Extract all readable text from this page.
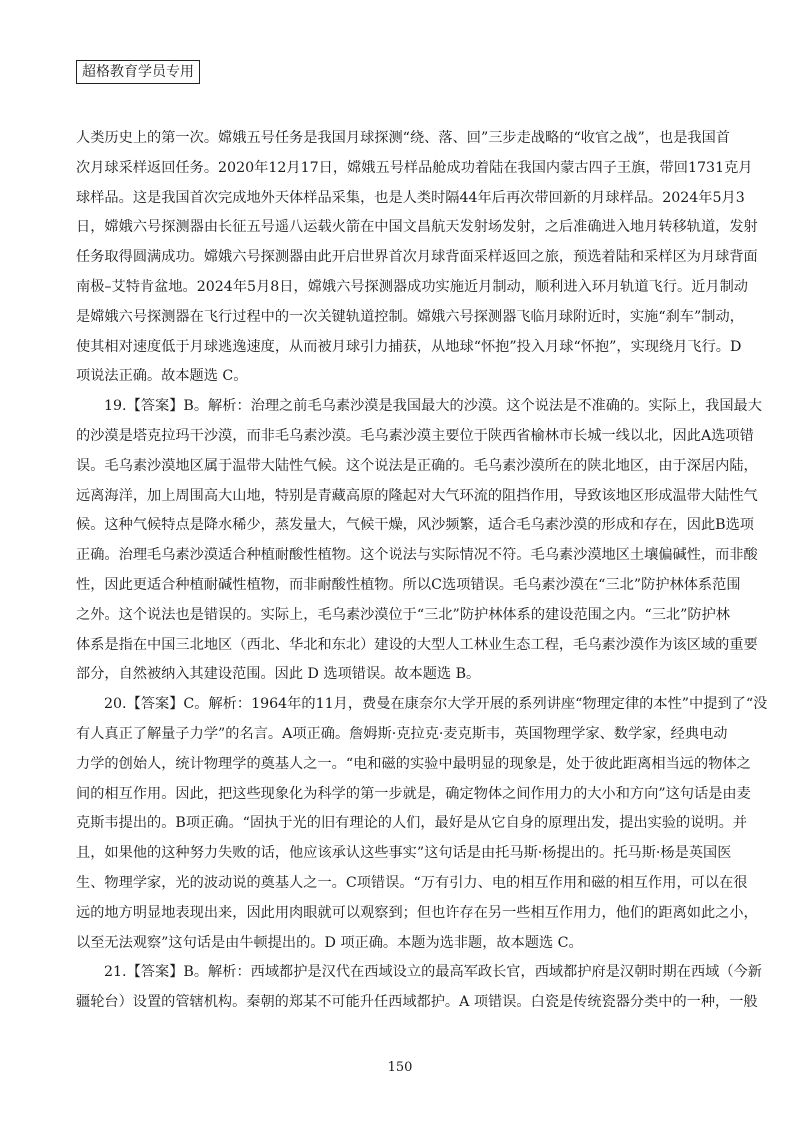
超格教育学员专用
人 类 历 史 上 的 第 一 次 。 嫦 娥 五 号 任 务 是 我 国 月 球 探 测 “ 绕 、 落 、 回 ” 三 步 走 战 略 的 “ 收 官 之 战 ” ， 也 是 我 国 首
次 月 球 采 样 返 回 任 务 。 2020 年 12 月 17 日 ， 嫦 娥 五 号 样 品 舱 成 功 着 陆 在 我 国 内 蒙 古 四 子 王 旗 ， 带 回 1731 克 月
球 样 品 。 这 是 我 国 首 次 完 成 地 外 天 体 样 品 采 集 ， 也 是 人 类 时 隔 44 年 后 再 次 带 回 新 的 月 球 样 品 。 2024 年 5 月 3
日 ， 嫦 娥 六 号 探 测 器 由 长 征 五 号 遥 八 运 载 火 箭 在 中 国 文 昌 航 天 发 射 场 发 射 ， 之 后 准 确 进 入 地 月 转 移 轨 道 ， 发 射
任 务 取 得 圆 满 成 功 。 嫦 娥 六 号 探 测 器 由 此 开 启 世 界 首 次 月 球 背 面 采 样 返 回 之 旅 ， 预 选 着 陆 和 采 样 区 为 月 球 背 面
南 极 – 艾 特 肯 盆 地 。 2024 年 5 月 8 日 ， 嫦 娥 六 号 探 测 器 成 功 实 施 近 月 制 动 ， 顺 利 进 入 环 月 轨 道 飞 行 。 近 月 制 动
是 嫦 娥 六 号 探 测 器 在 飞 行 过 程 中 的 一 次 关 键 轨 道 控 制 。 嫦 娥 六 号 探 测 器 飞 临 月 球 附 近 时 ， 实 施 “ 刹 车 ” 制 动 ，
使 其 相 对 速 度 低 于 月 球 逃 逸 速 度 ， 从 而 被 月 球 引 力 捕 获 ， 从 地 球 “ 怀 抱 ” 投 入 月 球 “ 怀 抱 ” ， 实 现 绕 月 飞 行 。 D
项说法正确。故本题选 C。
19. 【 答 案 】 B 。 解 析 ： 治 理 之 前 毛 乌 素 沙 漠 是 我 国 最 大 的 沙 漠 。 这 个 说 法 是 不 准 确 的 。 实 际 上 ， 我 国 最 大
的 沙 漠 是 塔 克 拉 玛 干 沙 漠 ， 而 非 毛 乌 素 沙 漠 。 毛 乌 素 沙 漠 主 要 位 于 陕 西 省 榆 林 市 长 城 一 线 以 北 ， 因 此 A 选 项 错
误 。 毛 乌 素 沙 漠 地 区 属 于 温 带 大 陆 性 气 候 。 这 个 说 法 是 正 确 的 。 毛 乌 素 沙 漠 所 在 的 陕 北 地 区 ， 由 于 深 居 内 陆 ，
远 离 海 洋 ， 加 上 周 围 高 大 山 地 ， 特 别 是 青 藏 高 原 的 隆 起 对 大 气 环 流 的 阻 挡 作 用 ， 导 致 该 地 区 形 成 温 带 大 陆 性 气
候 。 这 种 气 候 特 点 是 降 水 稀 少 ， 蒸 发 量 大 ， 气 候 干 燥 ， 风 沙 频 繁 ， 适 合 毛 乌 素 沙 漠 的 形 成 和 存 在 ， 因 此 B 选 项
正 确 。 治 理 毛 乌 素 沙 漠 适 合 种 植 耐 酸 性 植 物 。 这 个 说 法 与 实 际 情 况 不 符 。 毛 乌 素 沙 漠 地 区 土 壤 偏 碱 性 ， 而 非 酸
性 ， 因 此 更 适 合 种 植 耐 碱 性 植 物 ， 而 非 耐 酸 性 植 物 。 所 以 C 选 项 错 误 。 毛 乌 素 沙 漠 在 “ 三 北 ” 防 护 林 体 系 范 围
之 外 。 这 个 说 法 也 是 错 误 的 。 实 际 上 ， 毛 乌 素 沙 漠 位 于 “ 三 北 ” 防 护 林 体 系 的 建 设 范 围 之 内 。 “ 三 北 ” 防 护 林
体 系 是 指 在 中 国 三 北 地 区 （ 西 北 、 华 北 和 东 北 ） 建 设 的 大 型 人 工 林 业 生 态 工 程 ， 毛 乌 素 沙 漠 作 为 该 区 域 的 重 要
部分，自然被纳入其建设范围。因此 D 选项错误。故本题选 B。
20. 【 答 案 】 C 。 解 析 ： 1964 年 的 11 月 ， 费 曼 在 康 奈 尔 大 学 开 展 的 系 列 讲 座 “ 物 理 定 律 的 本 性 ” 中 提 到 了 “ 没
有 人 真 正 了 解 量 子 力 学 ” 的 名 言 。 A 项 正 确 。 詹 姆 斯 · 克 拉 克 · 麦 克 斯 韦 ， 英 国 物 理 学 家 、 数 学 家 ， 经 典 电 动
力 学 的 创 始 人 ， 统 计 物 理 学 的 奠 基 人 之 一 。 “ 电 和 磁 的 实 验 中 最 明 显 的 现 象 是 ， 处 于 彼 此 距 离 相 当 远 的 物 体 之
间 的 相 互 作 用 。 因 此 ， 把 这 些 现 象 化 为 科 学 的 第 一 步 就 是 ， 确 定 物 体 之 间 作 用 力 的 大 小 和 方 向 ” 这 句 话 是 由 麦
克 斯 韦 提 出 的 。 B 项 正 确 。 “ 固 执 于 光 的 旧 有 理 论 的 人 们 ， 最 好 是 从 它 自 身 的 原 理 出 发 ， 提 出 实 验 的 说 明 。 并
且 ， 如 果 他 的 这 种 努 力 失 败 的 话 ， 他 应 该 承 认 这 些 事 实 ” 这 句 话 是 由 托 马 斯 · 杨 提 出 的 。 托 马 斯 · 杨 是 英 国 医
生 、 物 理 学 家 ， 光 的 波 动 说 的 奠 基 人 之 一 。 C 项 错 误 。 “ 万 有 引 力 、 电 的 相 互 作 用 和 磁 的 相 互 作 用 ， 可 以 在 很
远 的 地 方 明 显 地 表 现 出 来 ， 因 此 用 肉 眼 就 可 以 观 察 到 ； 但 也 许 存 在 另 一 些 相 互 作 用 力 ， 他 们 的 距 离 如 此 之 小 ，
以至无法观察”这句话是由牛顿提出的。D 项正确。本题为选非题，故本题选 C。
21. 【 答 案 】 B 。 解 析 ： 西 域 都 护 是 汉 代 在 西 域 设 立 的 最 高 军 政 长 官 ， 西 域 都 护 府 是 汉 朝 时 期 在 西 域 （ 今 新
疆轮台）设置的管辖机构。秦朝的郑某不可能升任西域都护。A 项错误。白瓷是传统瓷器分类中的一种，一般
150
